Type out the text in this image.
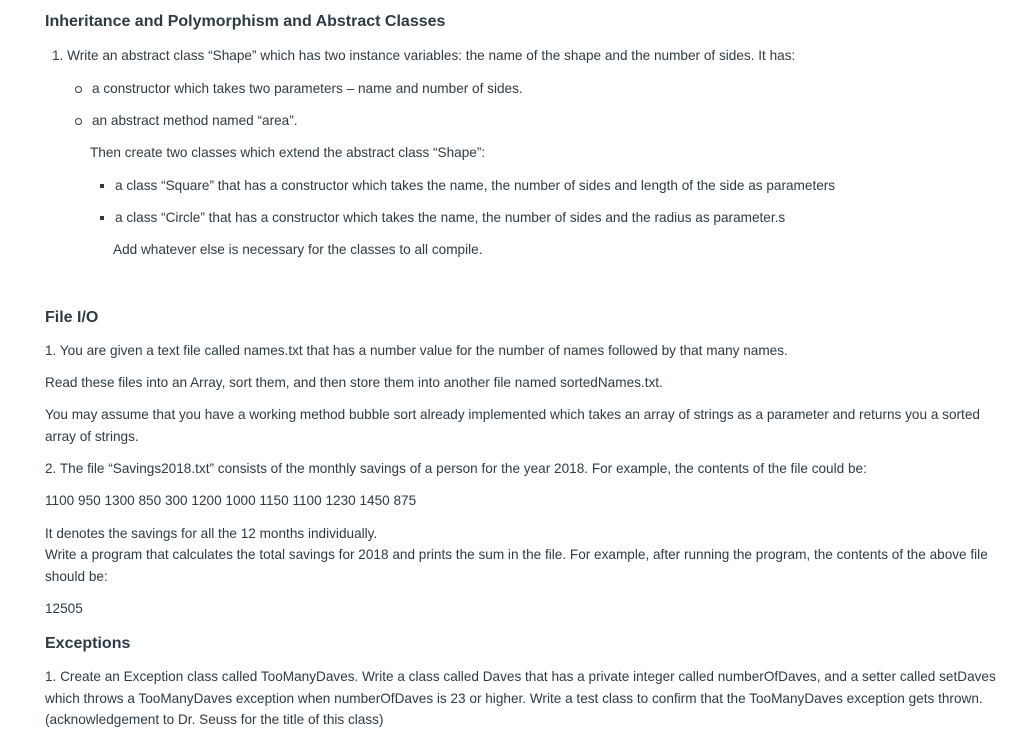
Inheritance and Polymorphism and Abstract Classes

1. Write an abstract class “Shape” which has two instance variables: the name of the shape and the number of sides. It has:

a constructor which takes two parameters – name and number of sides.
an abstract method named “area”.

Then create two classes which extend the abstract class “Shape”:

a class “Square” that has a constructor which takes the name, the number of sides and length of the side as parameters
a class “Circle” that has a constructor which takes the name, the number of sides and the radius as parameter.s

Add whatever else is necessary for the classes to all compile.

File I/O

1. You are given a text file called names.txt that has a number value for the number of names followed by that many names.

Read these files into an Array, sort them, and then store them into another file named sortedNames.txt.

You may assume that you have a working method bubble sort already implemented which takes an array of strings as a parameter and returns you a sorted array of strings.

2. The file “Savings2018.txt” consists of the monthly savings of a person for the year 2018. For example, the contents of the file could be:

1100 950 1300 850 300 1200 1000 1150 1100 1230 1450 875

It denotes the savings for all the 12 months individually.

Write a program that calculates the total savings for 2018 and prints the sum in the file. For example, after running the program, the contents of the above file should be:

12505

Exceptions

1. Create an Exception class called TooManyDaves. Write a class called Daves that has a private integer called numberOfDaves, and a setter called setDaves which throws a TooManyDaves exception when numberOfDaves is 23 or higher. Write a test class to confirm that the TooManyDaves exception gets thrown. (acknowledgement to Dr. Seuss for the title of this class)
